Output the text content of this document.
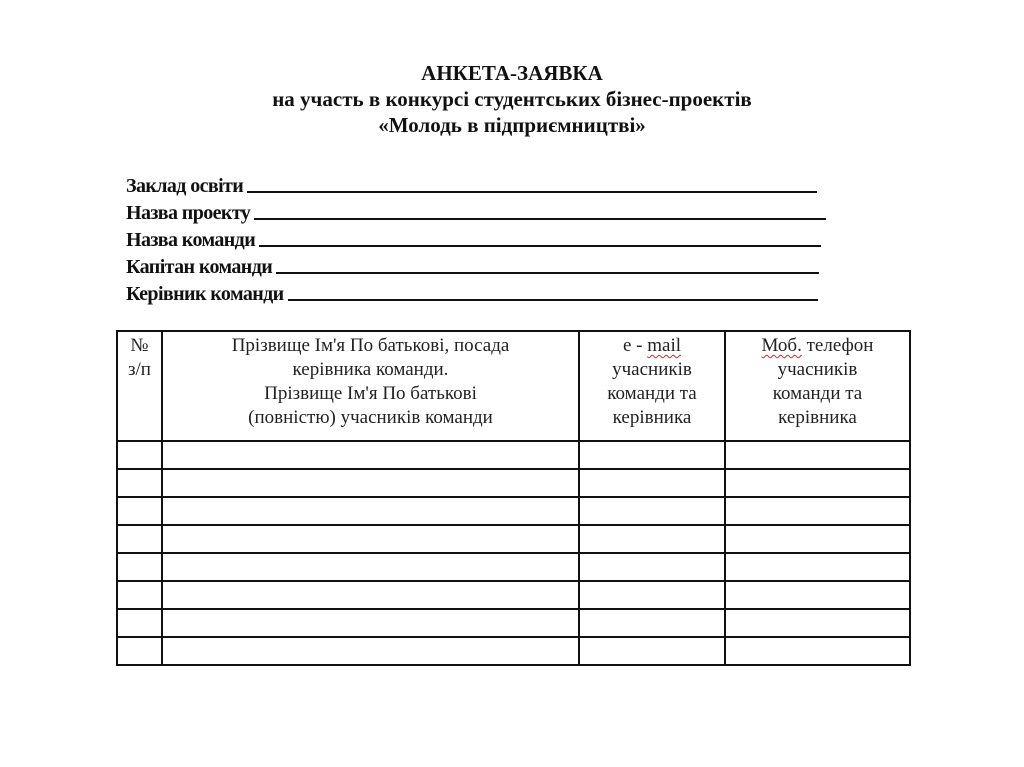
АНКЕТА-ЗАЯВКА
на участь в конкурсі студентських бізнес-проектів
«Молодь в підприємництві»
Заклад освіти
Назва проекту
Назва команди
Капітан команди
Керівник команди
№
з/п	Прізвище Ім'я По батькові, посада
керівника команди.
Прізвище Ім'я По батькові
(повністю) учасників команди	е - mail
учасників
команди та
керівника	Моб. телефон
учасників
команди та
керівника
